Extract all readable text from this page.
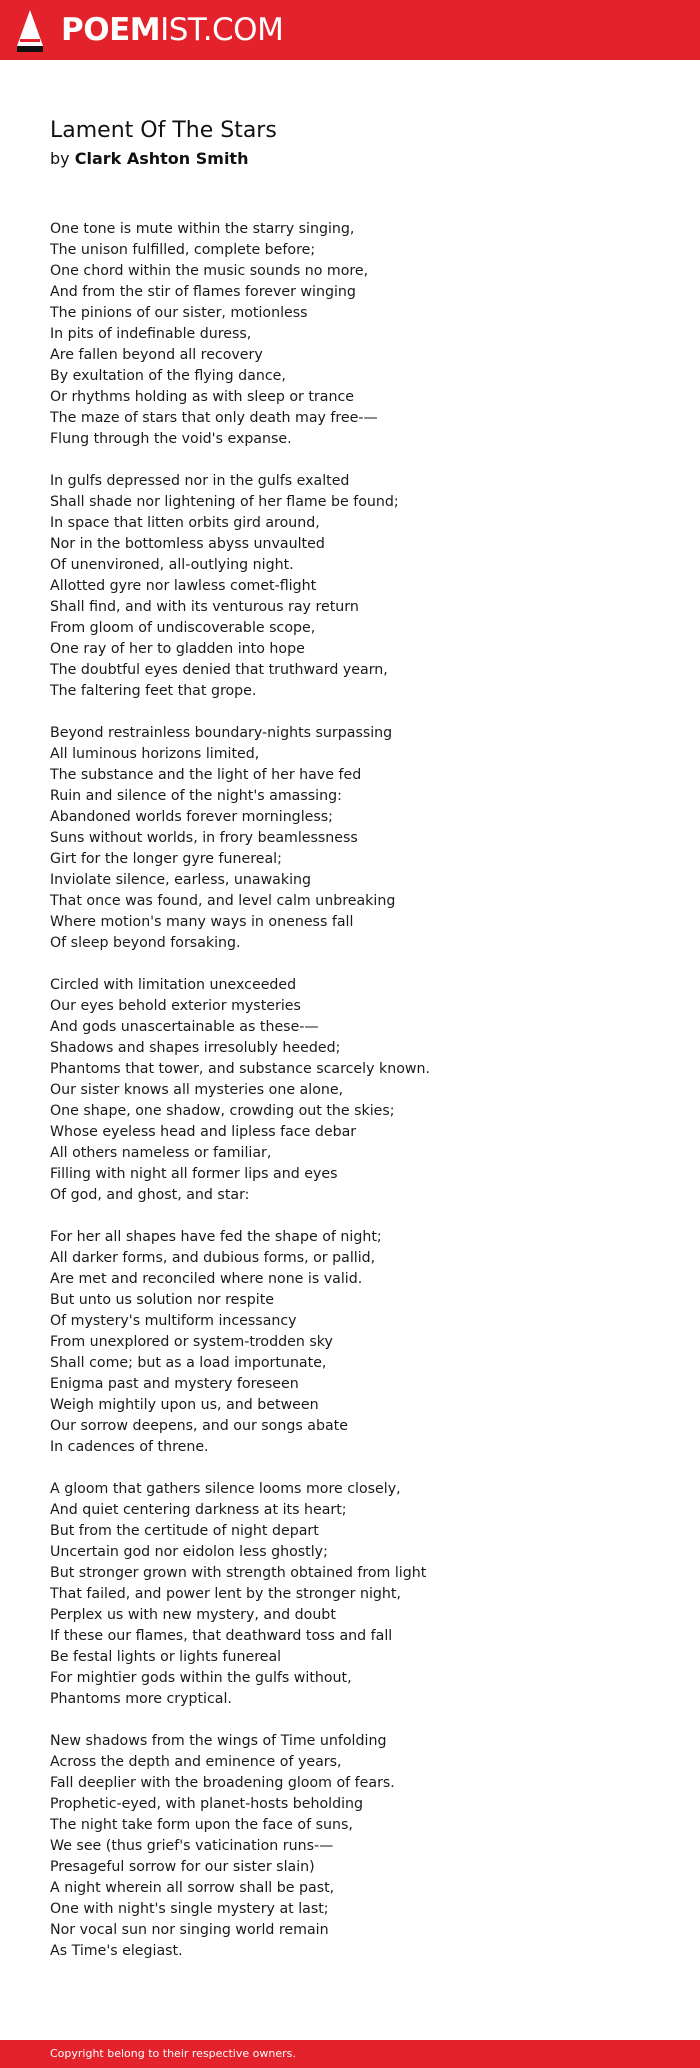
POEMIST.COM
Lament Of The Stars
by Clark Ashton Smith
One tone is mute within the starry singing,
The unison fulfilled, complete before;
One chord within the music sounds no more,
And from the stir of flames forever winging
The pinions of our sister, motionless
In pits of indefinable duress,
Are fallen beyond all recovery
By exultation of the flying dance,
Or rhythms holding as with sleep or trance
The maze of stars that only death may free-—
Flung through the void's expanse.
In gulfs depressed nor in the gulfs exalted
Shall shade nor lightening of her flame be found;
In space that litten orbits gird around,
Nor in the bottomless abyss unvaulted
Of unenvironed, all-outlying night.
Allotted gyre nor lawless comet-flight
Shall find, and with its venturous ray return
From gloom of undiscoverable scope,
One ray of her to gladden into hope
The doubtful eyes denied that truthward yearn,
The faltering feet that grope.
Beyond restrainless boundary-nights surpassing
All luminous horizons limited,
The substance and the light of her have fed
Ruin and silence of the night's amassing:
Abandoned worlds forever morningless;
Suns without worlds, in frory beamlessness
Girt for the longer gyre funereal;
Inviolate silence, earless, unawaking
That once was found, and level calm unbreaking
Where motion's many ways in oneness fall
Of sleep beyond forsaking.
Circled with limitation unexceeded
Our eyes behold exterior mysteries
And gods unascertainable as these-—
Shadows and shapes irresolubly heeded;
Phantoms that tower, and substance scarcely known.
Our sister knows all mysteries one alone,
One shape, one shadow, crowding out the skies;
Whose eyeless head and lipless face debar
All others nameless or familiar,
Filling with night all former lips and eyes
Of god, and ghost, and star:
For her all shapes have fed the shape of night;
All darker forms, and dubious forms, or pallid,
Are met and reconciled where none is valid.
But unto us solution nor respite
Of mystery's multiform incessancy
From unexplored or system-trodden sky
Shall come; but as a load importunate,
Enigma past and mystery foreseen
Weigh mightily upon us, and between
Our sorrow deepens, and our songs abate
In cadences of threne.
A gloom that gathers silence looms more closely,
And quiet centering darkness at its heart;
But from the certitude of night depart
Uncertain god nor eidolon less ghostly;
But stronger grown with strength obtained from light
That failed, and power lent by the stronger night,
Perplex us with new mystery, and doubt
If these our flames, that deathward toss and fall
Be festal lights or lights funereal
For mightier gods within the gulfs without,
Phantoms more cryptical.
New shadows from the wings of Time unfolding
Across the depth and eminence of years,
Fall deeplier with the broadening gloom of fears.
Prophetic-eyed, with planet-hosts beholding
The night take form upon the face of suns,
We see (thus grief's vaticination runs-—
Presageful sorrow for our sister slain)
A night wherein all sorrow shall be past,
One with night's single mystery at last;
Nor vocal sun nor singing world remain
As Time's elegiast.
Copyright belong to their respective owners.
